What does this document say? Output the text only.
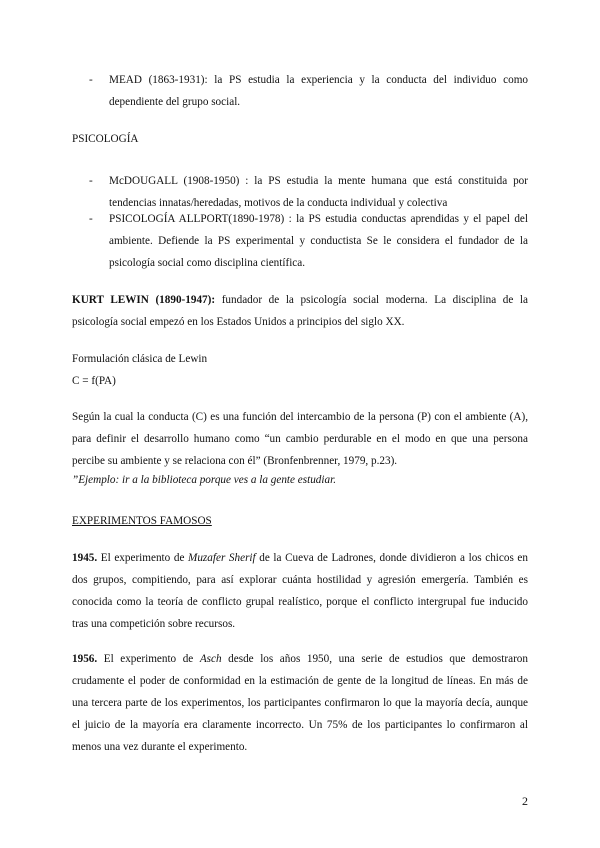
- MEAD (1863-1931): la PS estudia la experiencia y la conducta del individuo como dependiente del grupo social.

PSICOLOGÍA

- McDOUGALL (1908-1950) : la PS estudia la mente humana que está constituida por tendencias innatas/heredadas, motivos de la conducta individual y colectiva
- PSICOLOGÍA ALLPORT(1890-1978) : la PS estudia conductas aprendidas y el papel del ambiente. Defiende la PS experimental y conductista Se le considera el fundador de la psicología social como disciplina científica.

KURT LEWIN (1890-1947): fundador de la psicología social moderna. La disciplina de la psicología social empezó en los Estados Unidos a principios del siglo XX.

Formulación clásica de Lewin

C = f(PA)

Según la cual la conducta (C) es una función del intercambio de la persona (P) con el ambiente (A), para definir el desarrollo humano como “un cambio perdurable en el modo en que una persona percibe su ambiente y se relaciona con él” (Bronfenbrenner, 1979, p.23).

”Ejemplo: ir a la biblioteca porque ves a la gente estudiar.

EXPERIMENTOS FAMOSOS

1945. El experimento de Muzafer Sherif de la Cueva de Ladrones, donde dividieron a los chicos en dos grupos, compitiendo, para así explorar cuánta hostilidad y agresión emergería. También es conocida como la teoría de conflicto grupal realístico, porque el conflicto intergrupal fue inducido tras una competición sobre recursos.

1956. El experimento de Asch desde los años 1950, una serie de estudios que demostraron crudamente el poder de conformidad en la estimación de gente de la longitud de líneas. En más de una tercera parte de los experimentos, los participantes confirmaron lo que la mayoría decía, aunque el juicio de la mayoría era claramente incorrecto. Un 75% de los participantes lo confirmaron al menos una vez durante el experimento.

2
